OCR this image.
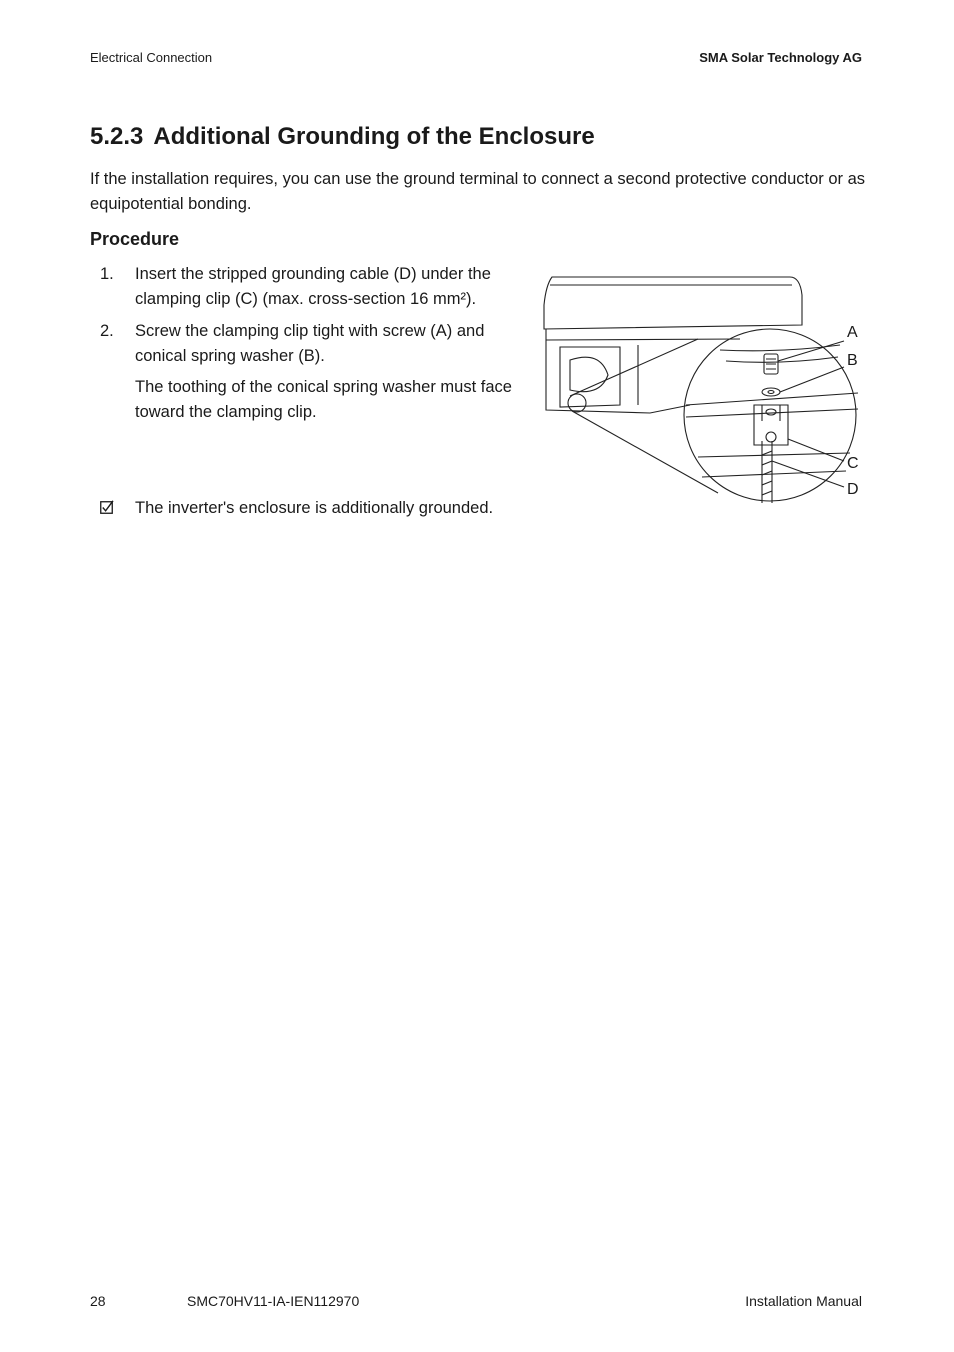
Electrical Connection	SMA Solar Technology AG
5.2.3 Additional Grounding of the Enclosure

If the installation requires, you can use the ground terminal to connect a second protective conductor or as equipotential bonding.

Procedure
1. Insert the stripped grounding cable (D) under the clamping clip (C) (max. cross-section 16 mm²).
2. Screw the clamping clip tight with screw (A) and conical spring washer (B).

The toothing of the conical spring washer must face toward the clamping clip.

The inverter's enclosure is additionally grounded.
A
B
C
D
28	SMC70HV11-IA-IEN112970	Installation Manual
